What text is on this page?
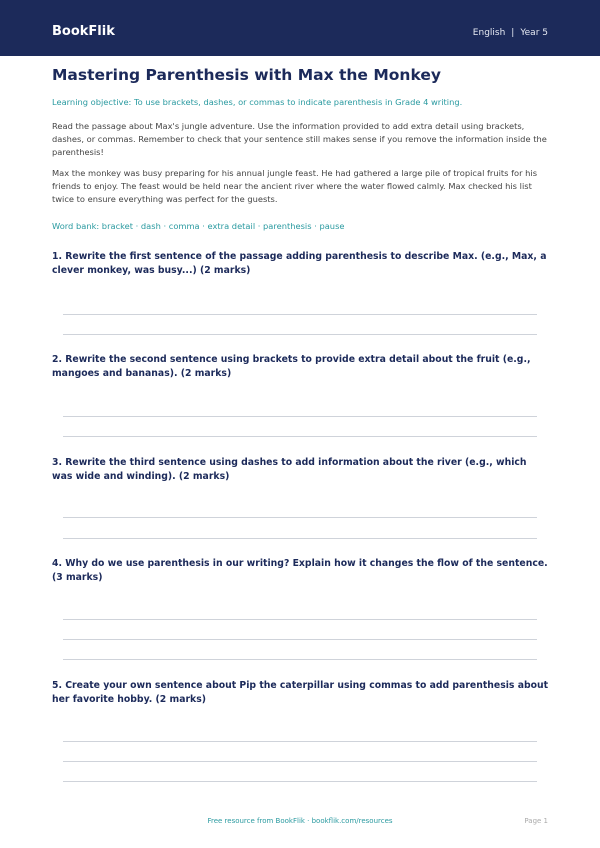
BookFlik	English | Year 5
Mastering Parenthesis with Max the Monkey

Learning objective: To use brackets, dashes, or commas to indicate parenthesis in Grade 4 writing.

Read the passage about Max's jungle adventure. Use the information provided to add extra detail using brackets, dashes, or commas. Remember to check that your sentence still makes sense if you remove the information inside the parenthesis!

Max the monkey was busy preparing for his annual jungle feast. He had gathered a large pile of tropical fruits for his friends to enjoy. The feast would be held near the ancient river where the water flowed calmly. Max checked his list twice to ensure everything was perfect for the guests.

Word bank: bracket · dash · comma · extra detail · parenthesis · pause

1. Rewrite the first sentence of the passage adding parenthesis to describe Max. (e.g., Max, a clever monkey, was busy...) (2 marks)

2. Rewrite the second sentence using brackets to provide extra detail about the fruit (e.g., mangoes and bananas). (2 marks)

3. Rewrite the third sentence using dashes to add information about the river (e.g., which was wide and winding). (2 marks)

4. Why do we use parenthesis in our writing? Explain how it changes the flow of the sentence. (3 marks)

5. Create your own sentence about Pip the caterpillar using commas to add parenthesis about her favorite hobby. (2 marks)

Free resource from BookFlik · bookflik.com/resources	Page 1
